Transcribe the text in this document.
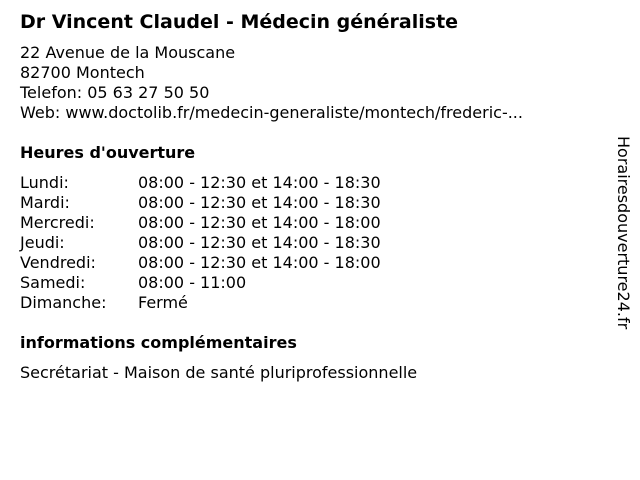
Dr Vincent Claudel - Médecin généraliste
22 Avenue de la Mouscane
82700 Montech
Telefon: 05 63 27 50 50
Web: www.doctolib.fr/medecin-generaliste/montech/frederic-...
Heures d'ouverture
Lundi:	08:00 - 12:30 et 14:00 - 18:30
Mardi:	08:00 - 12:30 et 14:00 - 18:30
Mercredi:	08:00 - 12:30 et 14:00 - 18:00
Jeudi:	08:00 - 12:30 et 14:00 - 18:30
Vendredi:	08:00 - 12:30 et 14:00 - 18:00
Samedi:	08:00 - 11:00
Dimanche: Fermé
informations complémentaires
Secrétariat - Maison de santé pluriprofessionnelle
Horairesdouverture24.fr
